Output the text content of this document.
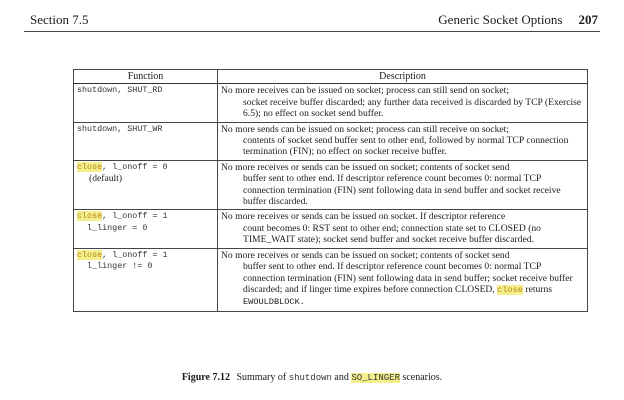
Section 7.5	Generic Socket Options 207
Function	Description
shutdown, SHUT_RD	No more receives can be issued on socket; process can still send on socket;
socket receive buffer discarded; any further data received is discarded by TCP (Exercise 6.5); no effect on socket send buffer.

shutdown, SHUT_WR	No more sends can be issued on socket; process can still receive on socket;
contents of socket send buffer sent to other end, followed by normal TCP connection termination (FIN); no effect on socket receive buffer.

close, l_onoff = 0
(default)	No more receives or sends can be issued on socket; contents of socket send
buffer sent to other end. If descriptor reference count becomes 0: normal TCP connection termination (FIN) sent following data in send buffer and socket receive buffer discarded.

close, l_onoff = 1
l_linger = 0	No more receives or sends can be issued on socket. If descriptor reference
count becomes 0: RST sent to other end; connection state set to CLOSED (no TIME_WAIT state); socket send buffer and socket receive buffer discarded.

close, l_onoff = 1
l_linger != 0	No more receives or sends can be issued on socket; contents of socket send
buffer sent to other end. If descriptor reference count becomes 0: normal TCP connection termination (FIN) sent following data in send buffer; socket receive buffer discarded; and if linger time expires before connection CLOSED, close returns EWOULDBLOCK.
Figure 7.12 Summary of shutdown and SO_LINGER scenarios.
